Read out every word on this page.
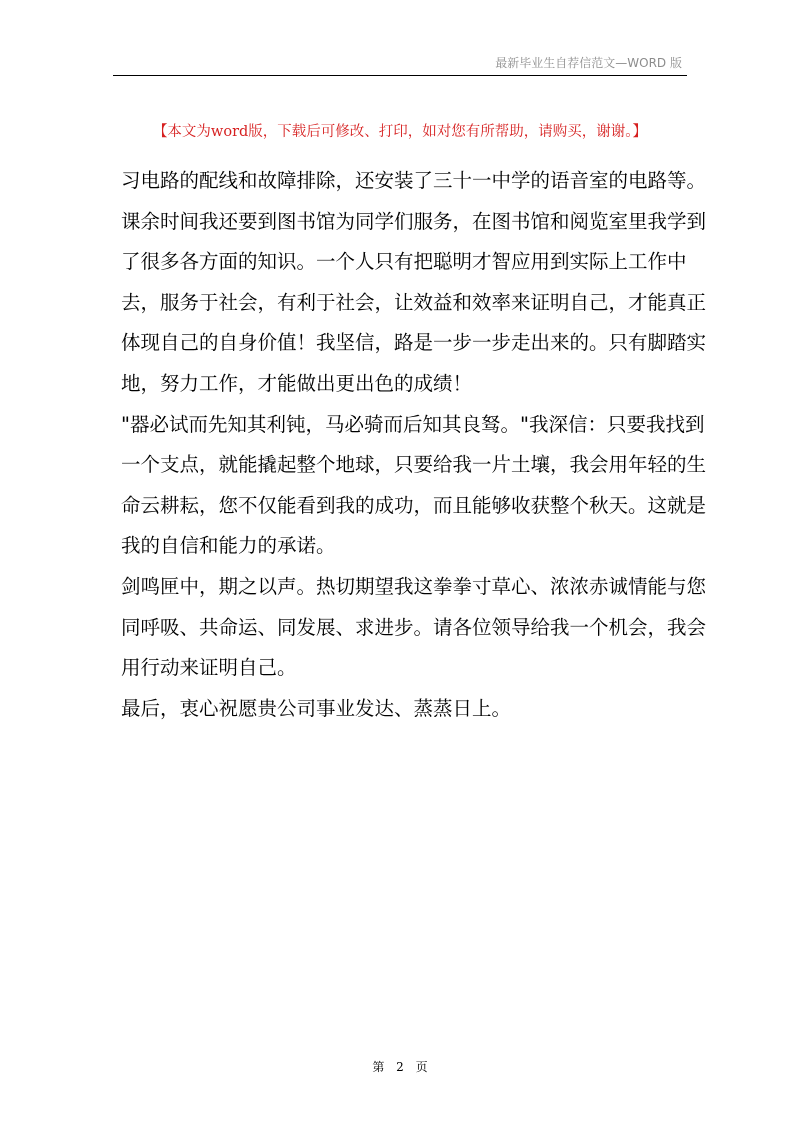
最新毕业生自荐信范文—WORD 版
【本文为word版，下载后可修改、打印，如对您有所帮助，请购买，谢谢。】
习电路的配线和故障排除，还安装了三十一中学的语音室的电路等。
课余时间我还要到图书馆为同学们服务，在图书馆和阅览室里我学到
了很多各方面的知识。一个人只有把聪明才智应用到实际上工作中
去，服务于社会，有利于社会，让效益和效率来证明自己，才能真正
体现自己的自身价值！我坚信，路是一步一步走出来的。只有脚踏实
地，努力工作，才能做出更出色的成绩！
"器必试而先知其利钝，马必骑而后知其良驽。"我深信：只要我找到
一个支点，就能撬起整个地球，只要给我一片土壤，我会用年轻的生
命云耕耘，您不仅能看到我的成功，而且能够收获整个秋天。这就是
我的自信和能力的承诺。
剑鸣匣中，期之以声。热切期望我这拳拳寸草心、浓浓赤诚情能与您
同呼吸、共命运、同发展、求进步。请各位领导给我一个机会，我会
用行动来证明自己。
最后，衷心祝愿贵公司事业发达、蒸蒸日上。
第 2 页
